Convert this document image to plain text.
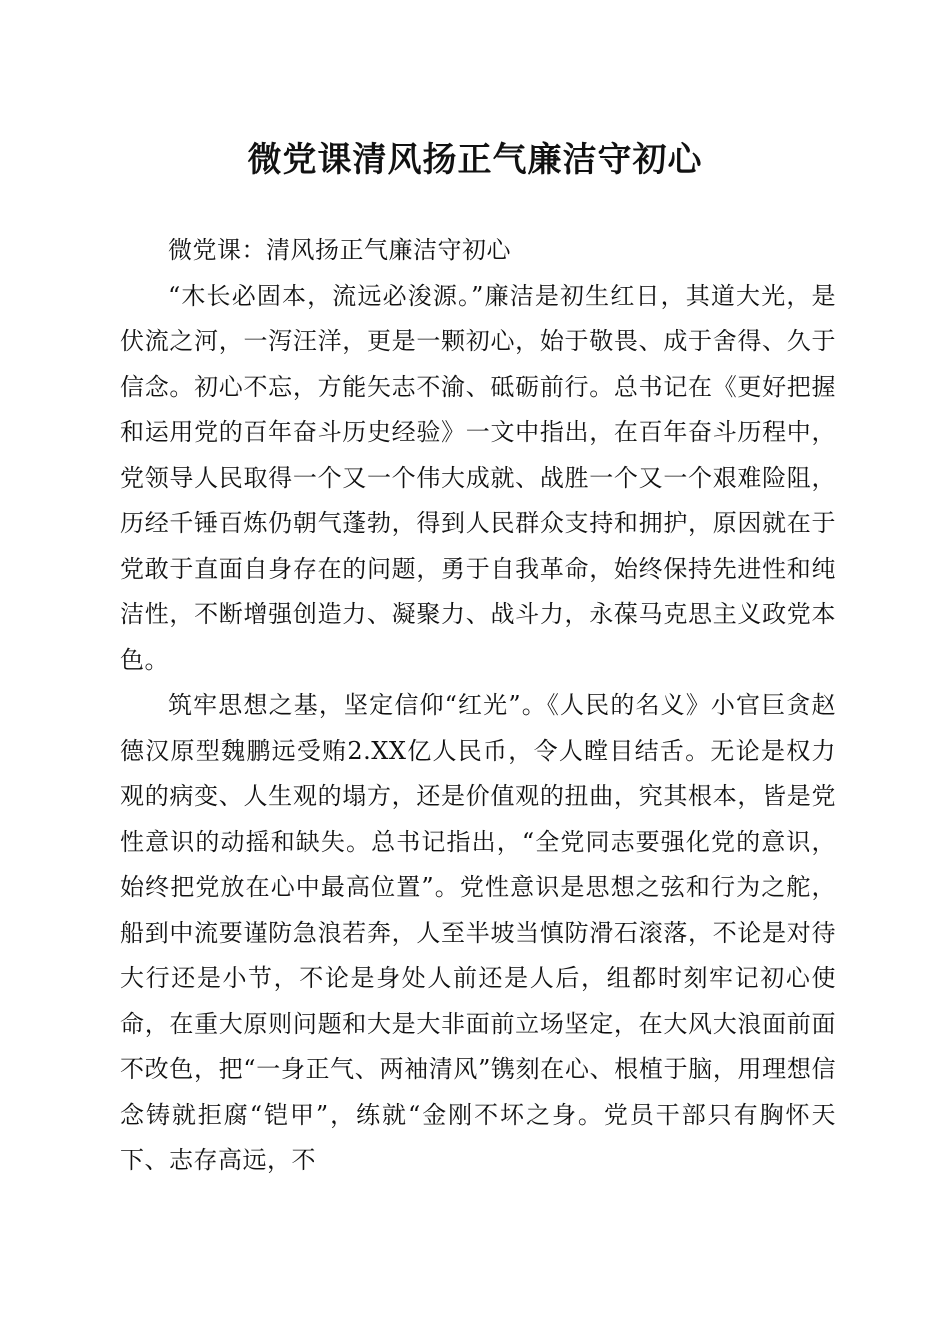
微党课清风扬正气廉洁守初心

微党课：清风扬正气廉洁守初心

“木长必固本，流远必浚源。”廉洁是初生红日，其道大光，是伏流之河，一泻汪洋，更是一颗初心，始于敬畏、成于舍得、久于信念。初心不忘，方能矢志不渝、砥砺前行。总书记在《更好把握和运用党的百年奋斗历史经验》一文中指出，在百年奋斗历程中，党领导人民取得一个又一个伟大成就、战胜一个又一个艰难险阻，历经千锤百炼仍朝气蓬勃，得到人民群众支持和拥护，原因就在于党敢于直面自身存在的问题，勇于自我革命，始终保持先进性和纯洁性，不断增强创造力、凝聚力、战斗力，永葆马克思主义政党本色。

筑牢思想之基，坚定信仰“红光”。《人民的名义》小官巨贪赵德汉原型魏鹏远受贿2.XX亿人民币，令人瞠目结舌。无论是权力观的病变、人生观的塌方，还是价值观的扭曲，究其根本，皆是党性意识的动摇和缺失。总书记指出，“全党同志要强化党的意识，始终把党放在心中最高位置”。党性意识是思想之弦和行为之舵，船到中流要谨防急浪若奔，人至半坡当慎防滑石滚落，不论是对待大行还是小节，不论是身处人前还是人后，组都时刻牢记初心使命，在重大原则问题和大是大非面前立场坚定，在大风大浪面前面不改色，把“一身正气、两袖清风”镌刻在心、根植于脑，用理想信念铸就拒腐“铠甲”，练就“金刚不坏之身。党员干部只有胸怀天下、志存高远，不
